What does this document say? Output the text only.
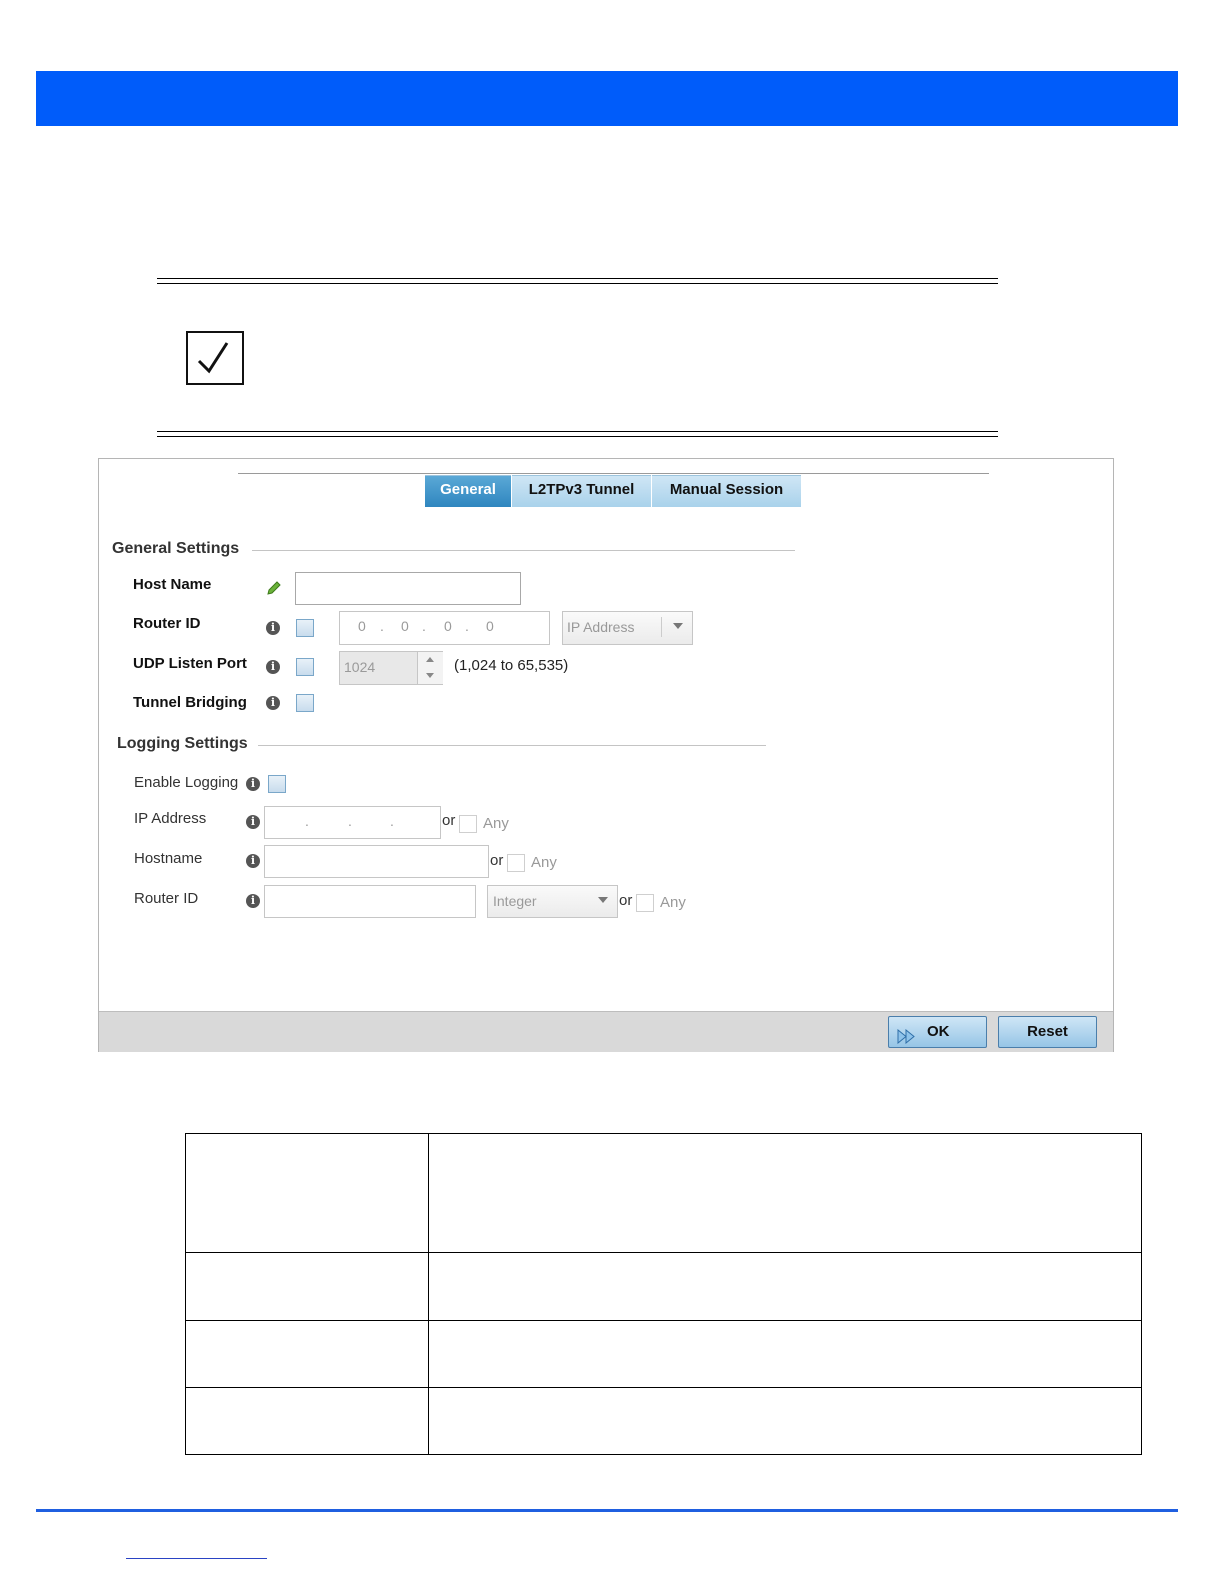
General	L2TPv3 Tunnel	Manual Session
General Settings
Host Name
Router ID	i	0 . 0 . 0 . 0	IP Address
UDP Listen Port	i	1024	(1,024 to 65,535)
Tunnel Bridging	i
Logging Settings
Enable Logging	i
IP Address	i	.	.	.	or Any
Hostname	i	or Any
Router ID	i	Integer	or Any
OK	Reset
